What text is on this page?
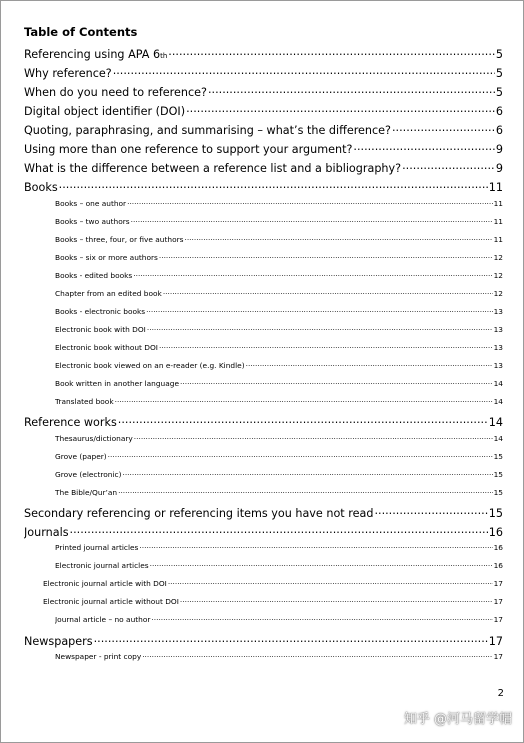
Table of Contents
Referencing using APA 6 th .....	5
Why reference? .....	5
When do you need to reference? .....	5
Digital object identifier (DOI) .....	6
Quoting, paraphrasing, and summarising – what’s the difference? .....	6
Using more than one reference to support your argument? .....	9
What is the difference between a reference list and a bibliography? .....	9
Books .....	11
Books – one author .....	11
Books – two authors .....	11
Books – three, four, or five authors .....	11
Books – six or more authors .....	12
Books - edited books .....	12
Chapter from an edited book .....	12
Books - electronic books .....	13
Electronic book with DOI .....	13
Electronic book without DOI .....	13
Electronic book viewed on an e-reader (e.g. Kindle) .....	13
Book written in another language .....	14
Translated book .....	14
Reference works .....	14
Thesaurus/dictionary .....	14
Grove (paper) .....	15
Grove (electronic) .....	15
The Bible/Qur’an .....	15
Secondary referencing or referencing items you have not read .....	15
Journals .....	16
Printed journal articles .....	16
Electronic journal articles .....	16
Electronic journal article with DOI .....	17
Electronic journal article without DOI .....	17
Journal article – no author .....	17
Newspapers .....	17
Newspaper - print copy .....	17
2
知乎 @河马留学帽
